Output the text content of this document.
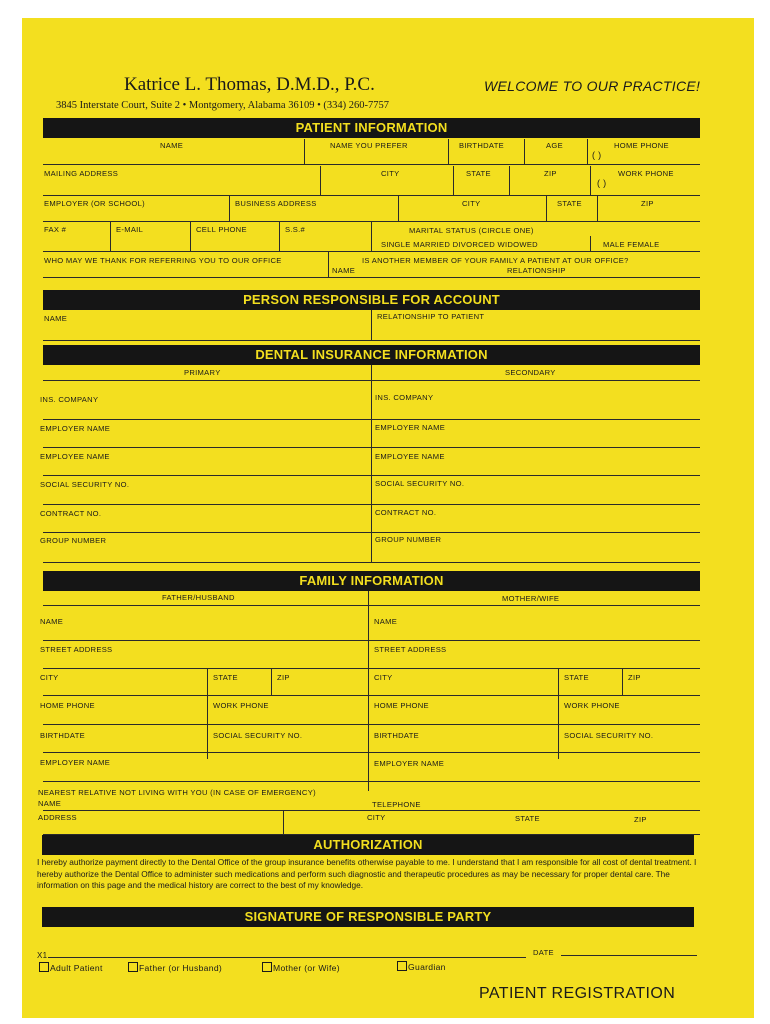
Katrice L. Thomas, D.M.D., P.C.	WELCOME TO OUR PRACTICE!
3845 Interstate Court, Suite 2 • Montgomery, Alabama 36109 • (334) 260-7757
PATIENT INFORMATION
NAME	NAME YOU PREFER	BIRTHDATE	AGE	HOME PHONE
( )
MAILING ADDRESS	CITY	STATE	ZIP	WORK PHONE
( )
EMPLOYER (OR SCHOOL)	BUSINESS ADDRESS	CITY	STATE	ZIP
FAX #	E-MAIL	CELL PHONE	S.S.#	MARITAL STATUS (CIRCLE ONE)
SINGLE MARRIED DIVORCED WIDOWED	MALE FEMALE
WHO MAY WE THANK FOR REFERRING YOU TO OUR OFFICE	IS ANOTHER MEMBER OF YOUR FAMILY A PATIENT AT OUR OFFICE?
NAME	RELATIONSHIP
PERSON RESPONSIBLE FOR ACCOUNT
NAME	RELATIONSHIP TO PATIENT
DENTAL INSURANCE INFORMATION
PRIMARY	SECONDARY
INS. COMPANY	INS. COMPANY
EMPLOYER NAME	EMPLOYER NAME
EMPLOYEE NAME	EMPLOYEE NAME
SOCIAL SECURITY NO.	SOCIAL SECURITY NO.
CONTRACT NO.	CONTRACT NO.
GROUP NUMBER	GROUP NUMBER
FAMILY INFORMATION
FATHER/HUSBAND	MOTHER/WIFE
NAME	NAME
STREET ADDRESS	STREET ADDRESS
CITY	STATE	ZIP	CITY	STATE	ZIP
HOME PHONE	WORK PHONE	HOME PHONE	WORK PHONE
BIRTHDATE	SOCIAL SECURITY NO.	BIRTHDATE	SOCIAL SECURITY NO.
EMPLOYER NAME	EMPLOYER NAME
NEAREST RELATIVE NOT LIVING WITH YOU (IN CASE OF EMERGENCY)
NAME	TELEPHONE
ADDRESS	CITY	STATE	ZIP
AUTHORIZATION
I hereby authorize payment directly to the Dental Office of the group insurance benefits otherwise payable to me. I understand that I am responsible for all cost of dental treatment. I hereby authorize the Dental Office to administer such medications and perform such diagnostic and therapeutic procedures as may be necessary for proper dental care. The information on this page and the medical history are correct to the best of my knowledge.
SIGNATURE OF RESPONSIBLE PARTY
X1	DATE
Adult Patient	Father (or Husband)	Mother (or Wife)	Guardian
PATIENT REGISTRATION
